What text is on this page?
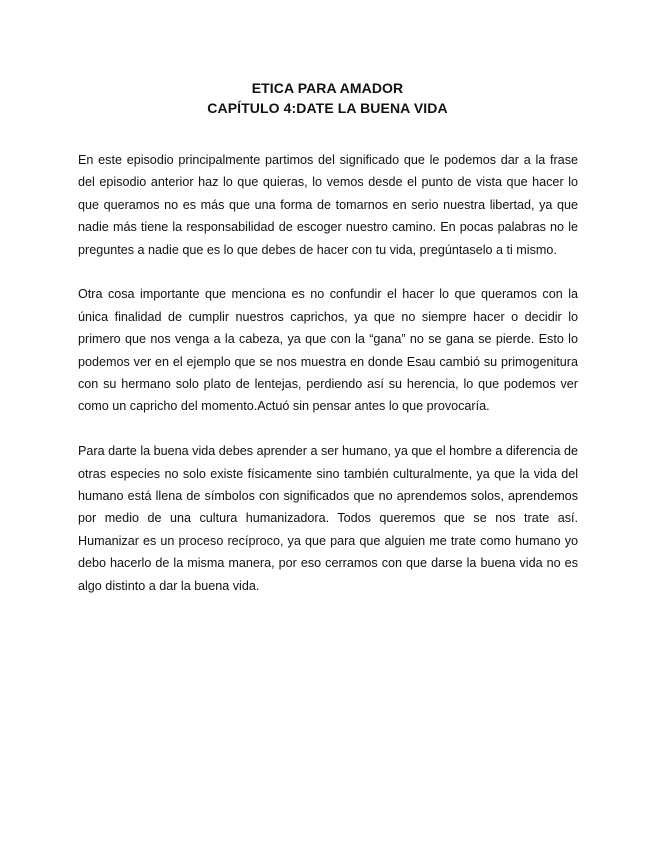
ETICA PARA AMADOR
CAPÍTULO 4:DATE LA BUENA VIDA

En este episodio principalmente partimos del significado que le podemos dar a la frase del episodio anterior haz lo que quieras, lo vemos desde el punto de vista que hacer lo que queramos no es más que una forma de tomarnos en serio nuestra libertad, ya que nadie más tiene la responsabilidad de escoger nuestro camino. En pocas palabras no le preguntes a nadie que es lo que debes de hacer con tu vida, pregúntaselo a ti mismo.

Otra cosa importante que menciona es no confundir el hacer lo que queramos con la única finalidad de cumplir nuestros caprichos, ya que no siempre hacer o decidir lo primero que nos venga a la cabeza, ya que con la “gana” no se gana se pierde. Esto lo podemos ver en el ejemplo que se nos muestra en donde Esau cambió su primogenitura con su hermano solo plato de lentejas, perdiendo así su herencia, lo que podemos ver como un capricho del momento.Actuó sin pensar antes lo que provocaría.

Para darte la buena vida debes aprender a ser humano, ya que el hombre a diferencia de otras especies no solo existe físicamente sino también culturalmente, ya que la vida del humano está llena de símbolos con significados que no aprendemos solos, aprendemos por medio de una cultura humanizadora. Todos queremos que se nos trate así. Humanizar es un proceso recíproco, ya que para que alguien me trate como humano yo debo hacerlo de la misma manera, por eso cerramos con que darse la buena vida no es algo distinto a dar la buena vida.
